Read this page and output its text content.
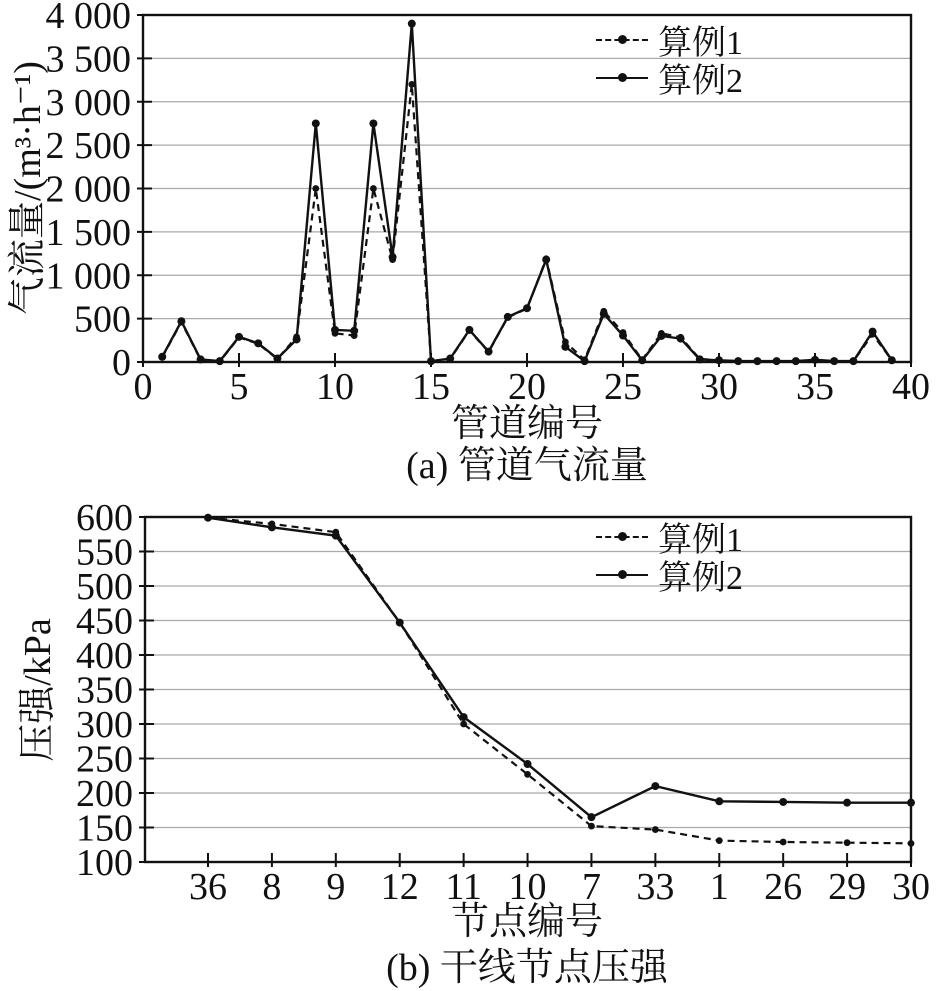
0
500
1 000
1 500
2 000
2 500
3 000
3 500
4 000
0 5 10 15 20 25 30 35 40
100
150
200
250
300
350
400
450
500
550
600
36 8 9 12 11 10 7 33 1 26 29 30
气流量/(m³·h⁻¹)
管道编号
(a) 管道气流量
算例1
算例2
压强/kPa
节点编号
(b) 干线节点压强
算例1
算例2
